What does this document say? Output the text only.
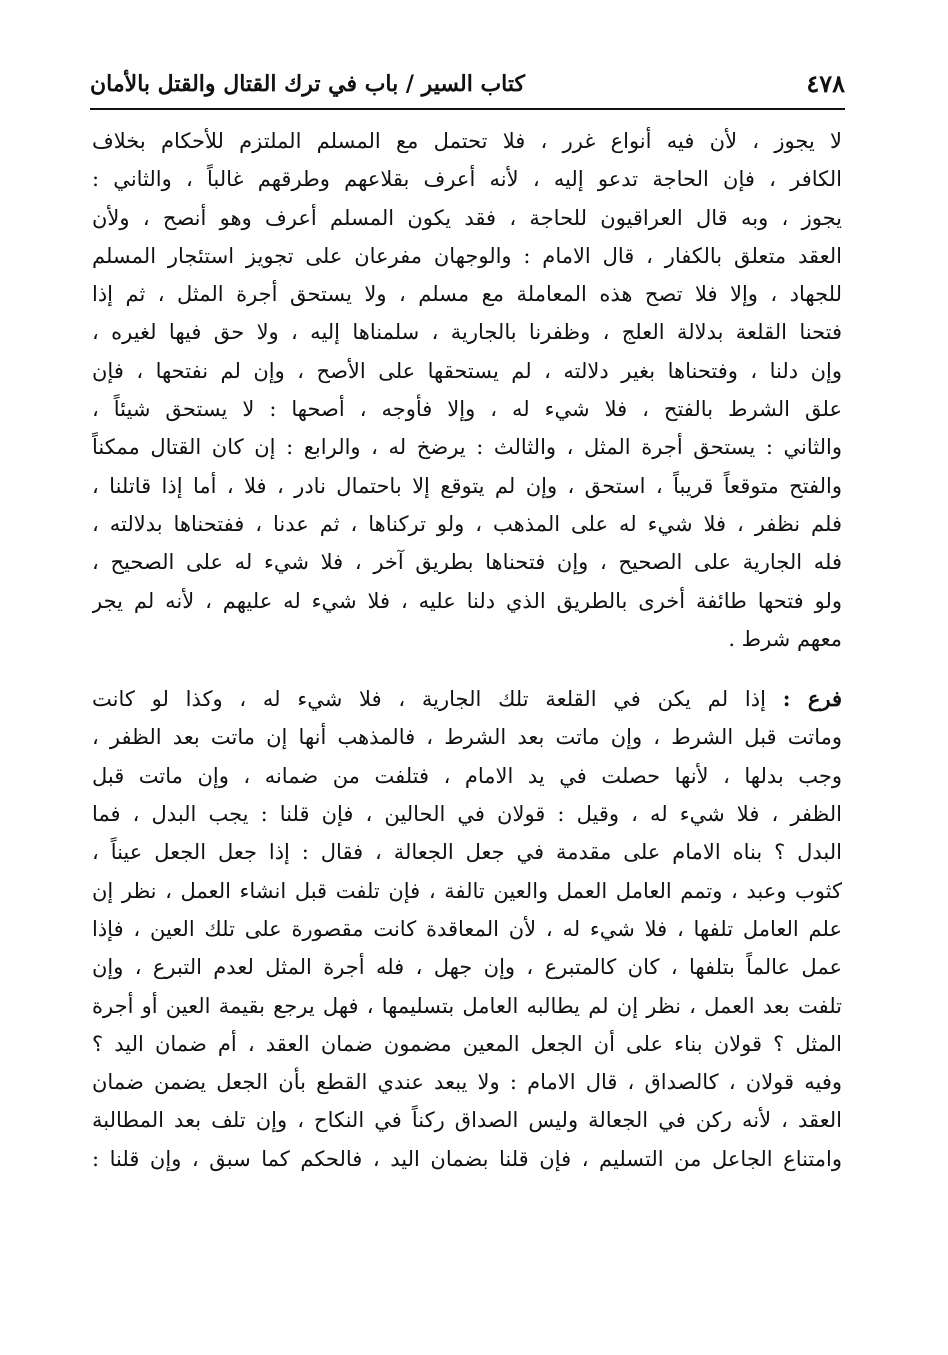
٤٧٨
كتاب السير / باب في ترك القتال والقتل بالأمان
لا يجوز ، لأن فيه أنواع غرر ، فلا تحتمل مع المسلم الملتزم للأحكام بخلاف
الكافر ، فإن الحاجة تدعو إليه ، لأنه أعرف بقلاعهم وطرقهم غالباً ، والثاني :
يجوز ، وبه قال العراقيون للحاجة ، فقد يكون المسلم أعرف وهو أنصح ، ولأن
العقد متعلق بالكفار ، قال الامام : والوجهان مفرعان على تجويز استئجار المسلم
للجهاد ، وإلا فلا تصح هذه المعاملة مع مسلم ، ولا يستحق أجرة المثل ، ثم إذا
فتحنا القلعة بدلالة العلج ، وظفرنا بالجارية ، سلمناها إليه ، ولا حق فيها لغيره ،
وإن دلنا ، وفتحناها بغير دلالته ، لم يستحقها على الأصح ، وإن لم نفتحها ، فإن
علق الشرط بالفتح ، فلا شيء له ، وإلا فأوجه ، أصحها : لا يستحق شيئاً ،
والثاني : يستحق أجرة المثل ، والثالث : يرضخ له ، والرابع : إن كان القتال ممكناً
والفتح متوقعاً قريباً ، استحق ، وإن لم يتوقع إلا باحتمال نادر ، فلا ، أما إذا قاتلنا ،
فلم نظفر ، فلا شيء له على المذهب ، ولو تركناها ، ثم عدنا ، ففتحناها بدلالته ،
فله الجارية على الصحيح ، وإن فتحناها بطريق آخر ، فلا شيء له على الصحيح ،
ولو فتحها طائفة أخرى بالطريق الذي دلنا عليه ، فلا شيء له عليهم ، لأنه لم يجر
معهم شرط .
فرع : إذا لم يكن في القلعة تلك الجارية ، فلا شيء له ، وكذا لو كانت
وماتت قبل الشرط ، وإن ماتت بعد الشرط ، فالمذهب أنها إن ماتت بعد الظفر ،
وجب بدلها ، لأنها حصلت في يد الامام ، فتلفت من ضمانه ، وإن ماتت قبل
الظفر ، فلا شيء له ، وقيل : قولان في الحالين ، فإن قلنا : يجب البدل ، فما
البدل ؟ بناه الامام على مقدمة في جعل الجعالة ، فقال : إذا جعل الجعل عيناً ،
كثوب وعبد ، وتمم العامل العمل والعين تالفة ، فإن تلفت قبل انشاء العمل ، نظر إن
علم العامل تلفها ، فلا شيء له ، لأن المعاقدة كانت مقصورة على تلك العين ، فإذا
عمل عالماً بتلفها ، كان كالمتبرع ، وإن جهل ، فله أجرة المثل لعدم التبرع ، وإن
تلفت بعد العمل ، نظر إن لم يطالبه العامل بتسليمها ، فهل يرجع بقيمة العين أو أجرة
المثل ؟ قولان بناء على أن الجعل المعين مضمون ضمان العقد ، أم ضمان اليد ؟
وفيه قولان ، كالصداق ، قال الامام : ولا يبعد عندي القطع بأن الجعل يضمن ضمان
العقد ، لأنه ركن في الجعالة وليس الصداق ركناً في النكاح ، وإن تلف بعد المطالبة
وامتناع الجاعل من التسليم ، فإن قلنا بضمان اليد ، فالحكم كما سبق ، وإن قلنا :
